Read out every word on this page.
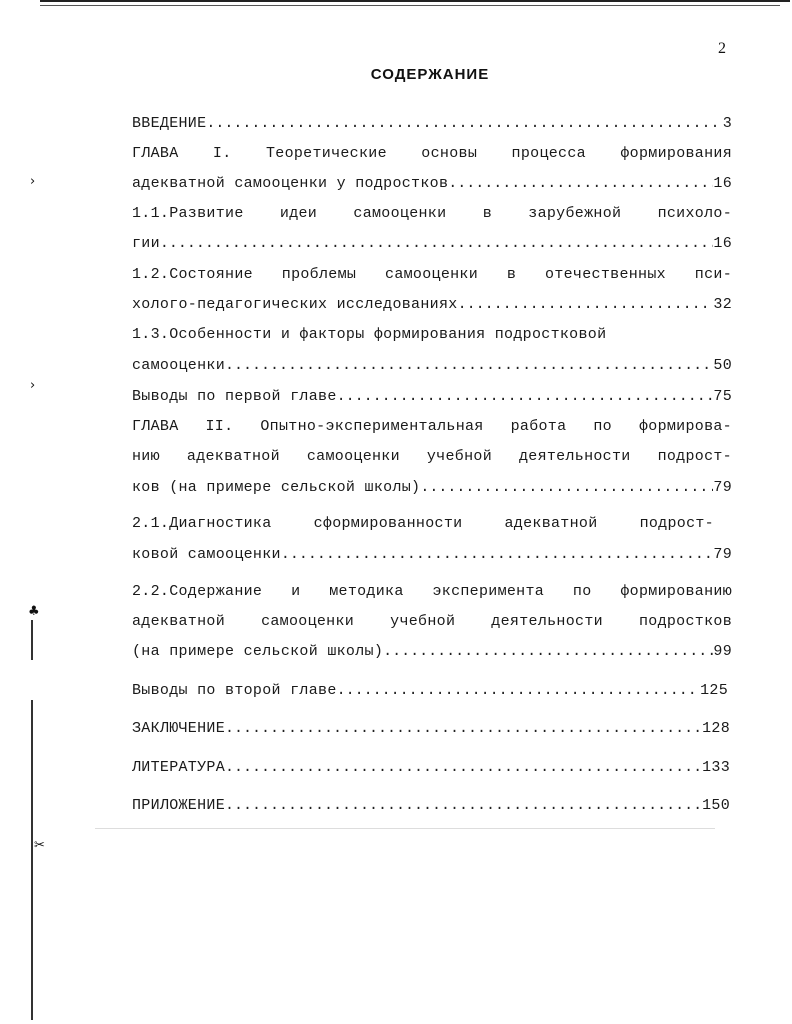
2
СОДЕРЖАНИЕ
ВВЕДЕНИЕ .....	3
ГЛАВА I. Теоретические основы процесса формирования
адекватной самооценки у подростков .....	16
1.1.Развитие идеи самооценки в зарубежной психоло-
гии .....	16
1.2.Состояние проблемы самооценки в отечественных пси-
холого-педагогических исследованиях .....	32
1.3.Особенности и факторы формирования подростковой
самооценки .....	50
Выводы по первой главе .....	75
ГЛАВА II. Опытно-экспериментальная работа по формирова-
нию адекватной самооценки учебной деятельности подрост-
ков (на примере сельской школы) .....	79
2.1.Диагностика сформированности адекватной подрост-
ковой самооценки .....	79
2.2.Содержание и методика эксперимента по формированию
адекватной самооценки учебной деятельности подростков
(на примере сельской школы) .....	99
Выводы по второй главе .....	125
ЗАКЛЮЧЕНИЕ .....	128
ЛИТЕРАТУРА .....	133
ПРИЛОЖЕНИЕ .....	150
›
›
♣
✂
